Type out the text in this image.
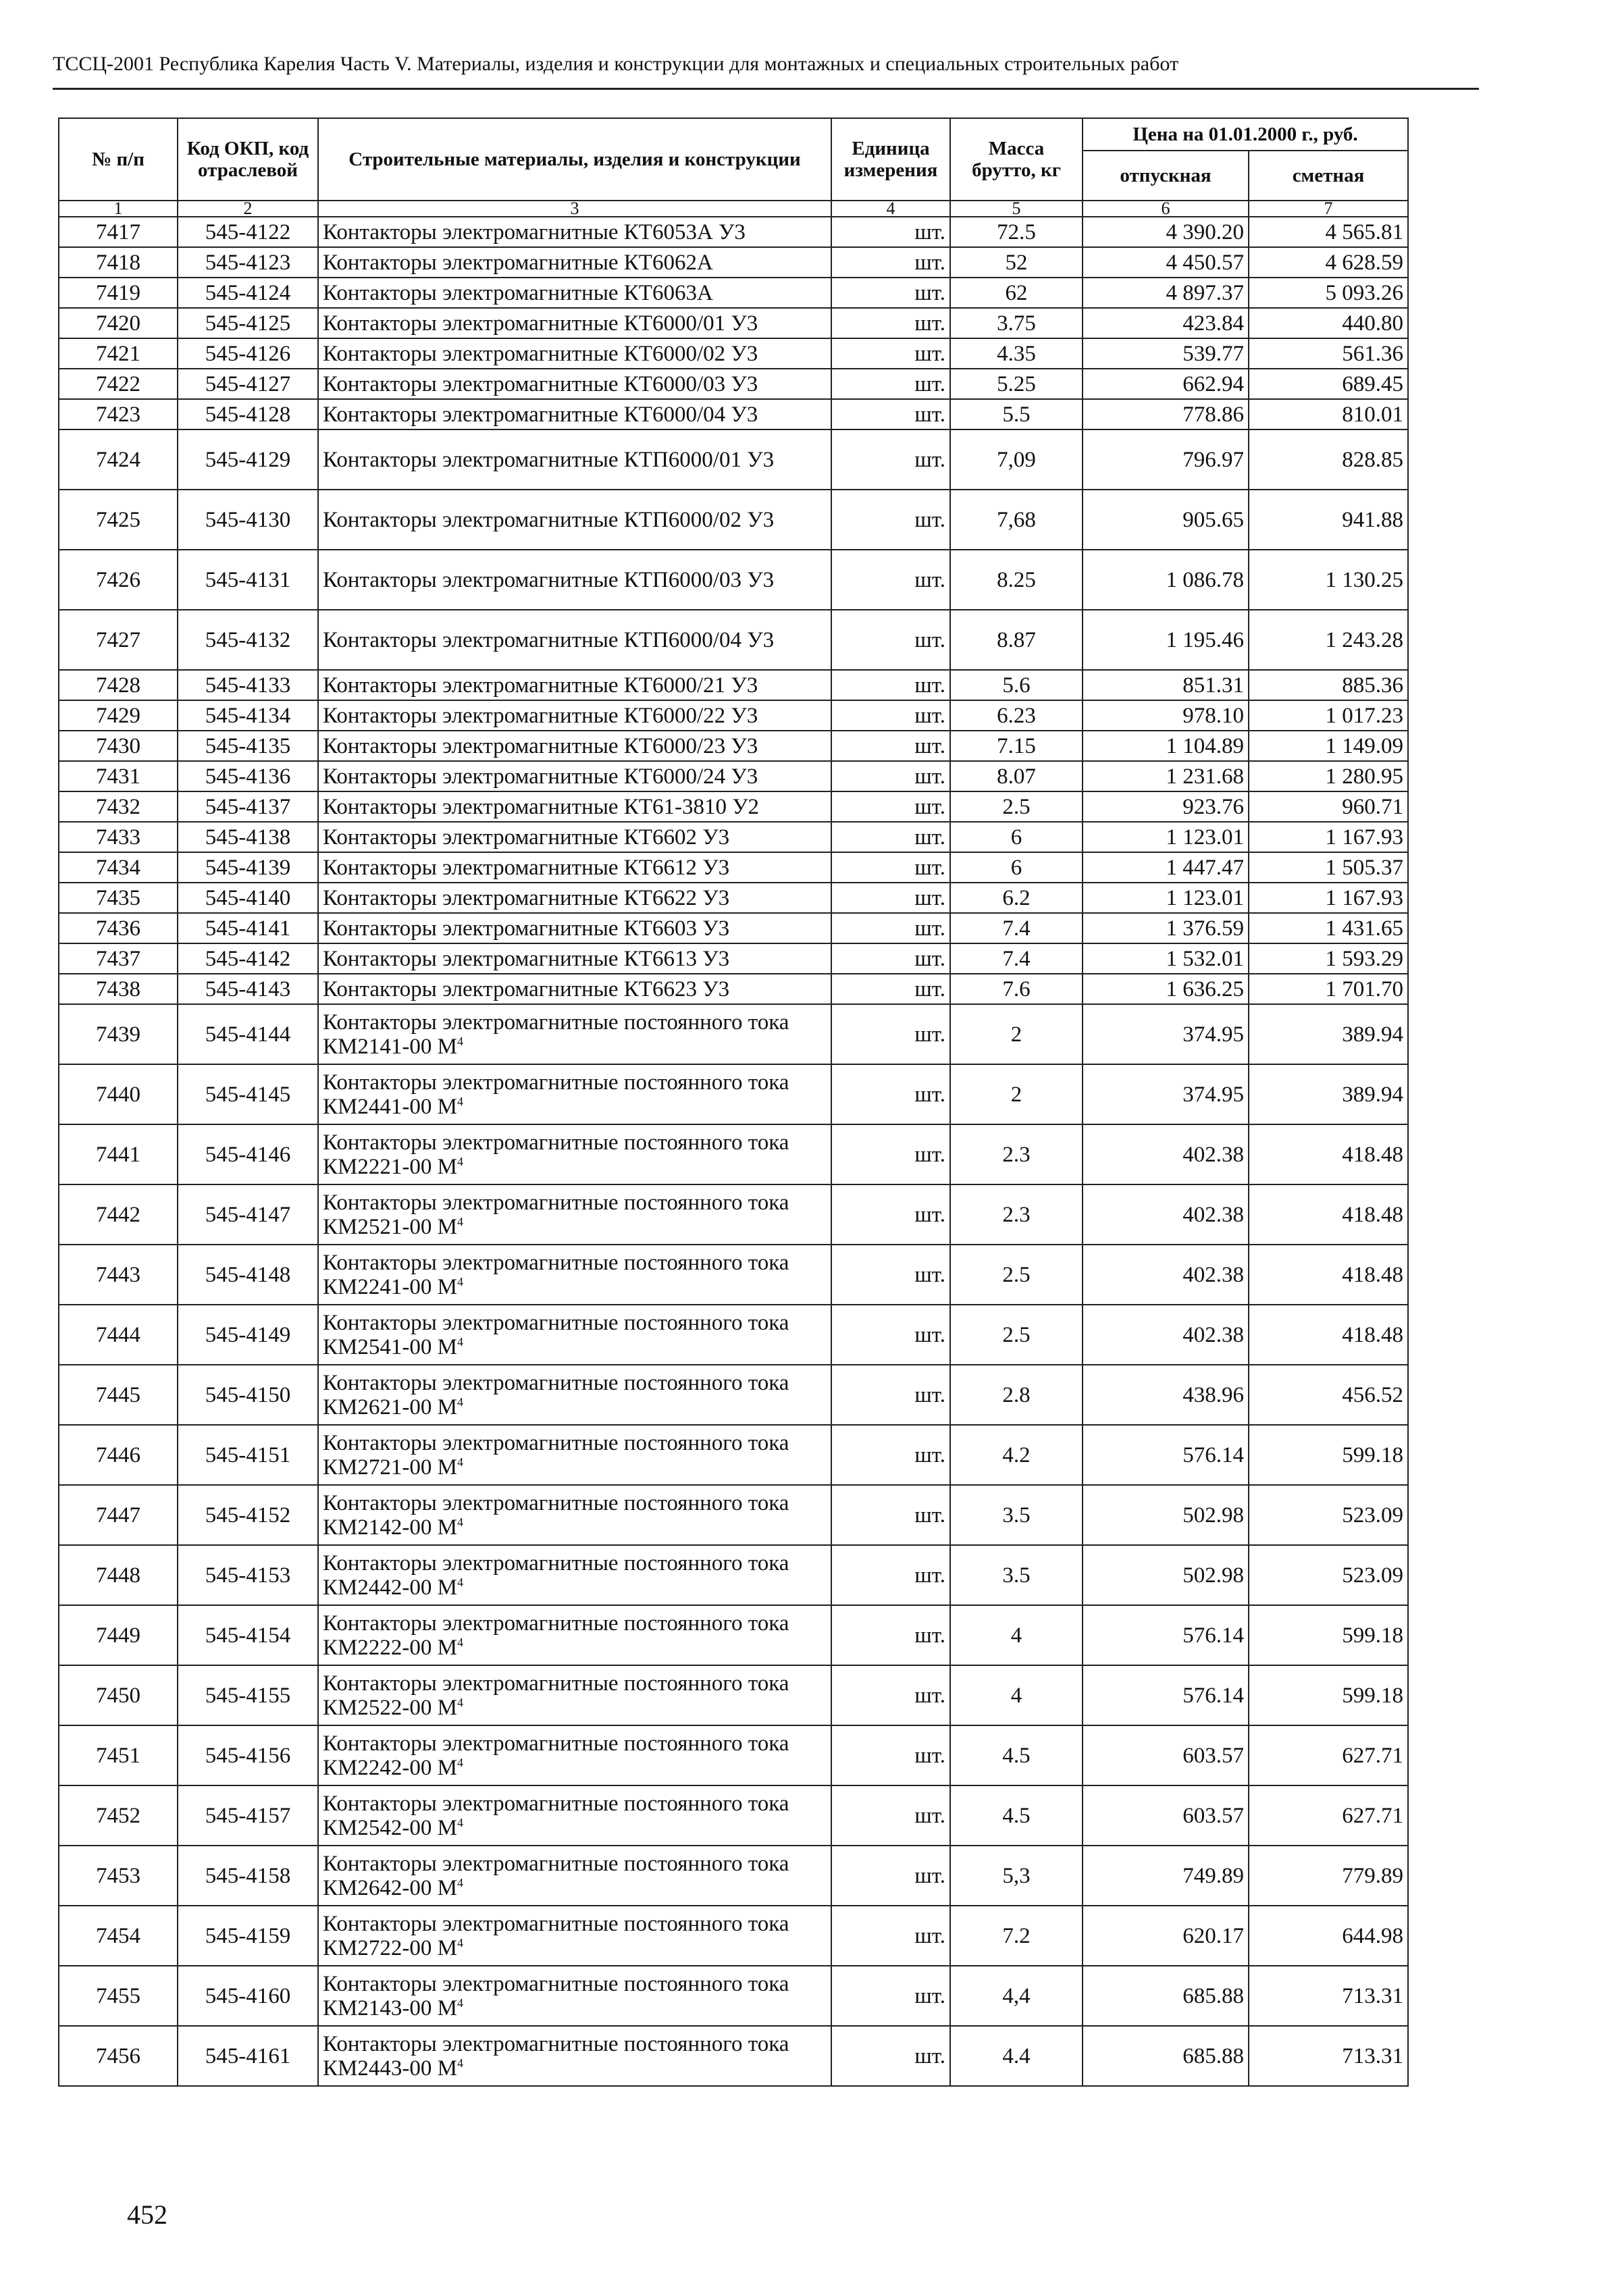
ТССЦ-2001 Республика Карелия Часть V. Материалы, изделия и конструкции для монтажных и специальных строительных работ
№ п/п	Код ОКП, код отраслевой	Строительные материалы, изделия и конструкции	Единица измерения	Масса брутто, кг	Цена на 01.01.2000 г., руб.	
					отпускная	сметная
1	2	3	4	5	6	7
7417	545-4122	Контакторы электромагнитные КТ6053А У3	шт.	72.5	4 390.20	4 565.81
7418	545-4123	Контакторы электромагнитные КТ6062А	шт.	52	4 450.57	4 628.59
7419	545-4124	Контакторы электромагнитные КТ6063А	шт.	62	4 897.37	5 093.26
7420	545-4125	Контакторы электромагнитные КТ6000/01 У3	шт.	3.75	423.84	440.80
7421	545-4126	Контакторы электромагнитные КТ6000/02 У3	шт.	4.35	539.77	561.36
7422	545-4127	Контакторы электромагнитные КТ6000/03 У3	шт.	5.25	662.94	689.45
7423	545-4128	Контакторы электромагнитные КТ6000/04 У3	шт.	5.5	778.86	810.01
7424	545-4129	Контакторы электромагнитные КТП6000/01 У3	шт.	7,09	796.97	828.85
7425	545-4130	Контакторы электромагнитные КТП6000/02 У3	шт.	7,68	905.65	941.88
7426	545-4131	Контакторы электромагнитные КТП6000/03 У3	шт.	8.25	1 086.78	1 130.25
7427	545-4132	Контакторы электромагнитные КТП6000/04 У3	шт.	8.87	1 195.46	1 243.28
7428	545-4133	Контакторы электромагнитные КТ6000/21 У3	шт.	5.6	851.31	885.36
7429	545-4134	Контакторы электромагнитные КТ6000/22 У3	шт.	6.23	978.10	1 017.23
7430	545-4135	Контакторы электромагнитные КТ6000/23 У3	шт.	7.15	1 104.89	1 149.09
7431	545-4136	Контакторы электромагнитные КТ6000/24 У3	шт.	8.07	1 231.68	1 280.95
7432	545-4137	Контакторы электромагнитные КТ61-3810 У2	шт.	2.5	923.76	960.71
7433	545-4138	Контакторы электромагнитные КТ6602 У3	шт.	6	1 123.01	1 167.93
7434	545-4139	Контакторы электромагнитные КТ6612 У3	шт.	6	1 447.47	1 505.37
7435	545-4140	Контакторы электромагнитные КТ6622 У3	шт.	6.2	1 123.01	1 167.93
7436	545-4141	Контакторы электромагнитные КТ6603 У3	шт.	7.4	1 376.59	1 431.65
7437	545-4142	Контакторы электромагнитные КТ6613 У3	шт.	7.4	1 532.01	1 593.29
7438	545-4143	Контакторы электромагнитные КТ6623 У3	шт.	7.6	1 636.25	1 701.70
7439	545-4144	Контакторы электромагнитные постоянного тока КМ2141-00 $М^4$	шт.	2	374.95	389.94
7440	545-4145	Контакторы электромагнитные постоянного тока КМ2441-00 $М^4$	шт.	2	374.95	389.94
7441	545-4146	Контакторы электромагнитные постоянного тока КМ2221-00 $М^4$	шт.	2.3	402.38	418.48
7442	545-4147	Контакторы электромагнитные постоянного тока КМ2521-00 $М^4$	шт.	2.3	402.38	418.48
7443	545-4148	Контакторы электромагнитные постоянного тока КМ2241-00 $М^4$	шт.	2.5	402.38	418.48
7444	545-4149	Контакторы электромагнитные постоянного тока КМ2541-00 $М^4$	шт.	2.5	402.38	418.48
7445	545-4150	Контакторы электромагнитные постоянного тока КМ2621-00 $М^4$	шт.	2.8	438.96	456.52
7446	545-4151	Контакторы электромагнитные постоянного тока КМ2721-00 $М^4$	шт.	4.2	576.14	599.18
7447	545-4152	Контакторы электромагнитные постоянного тока КМ2142-00 $М^4$	шт.	3.5	502.98	523.09
7448	545-4153	Контакторы электромагнитные постоянного тока КМ2442-00 $М^4$	шт.	3.5	502.98	523.09
7449	545-4154	Контакторы электромагнитные постоянного тока КМ2222-00 $М^4$	шт.	4	576.14	599.18
7450	545-4155	Контакторы электромагнитные постоянного тока КМ2522-00 $М^4$	шт.	4	576.14	599.18
7451	545-4156	Контакторы электромагнитные постоянного тока КМ2242-00 $М^4$	шт.	4.5	603.57	627.71
7452	545-4157	Контакторы электромагнитные постоянного тока КМ2542-00 $М^4$	шт.	4.5	603.57	627.71
7453	545-4158	Контакторы электромагнитные постоянного тока КМ2642-00 $М^4$	шт.	5,3	749.89	779.89
7454	545-4159	Контакторы электромагнитные постоянного тока КМ2722-00 $М^4$	шт.	7.2	620.17	644.98
7455	545-4160	Контакторы электромагнитные постоянного тока КМ2143-00 $М^4$	шт.	4,4	685.88	713.31
7456	545-4161	Контакторы электромагнитные постоянного тока КМ2443-00 $М^4$	шт.	4.4	685.88	713.31
452
